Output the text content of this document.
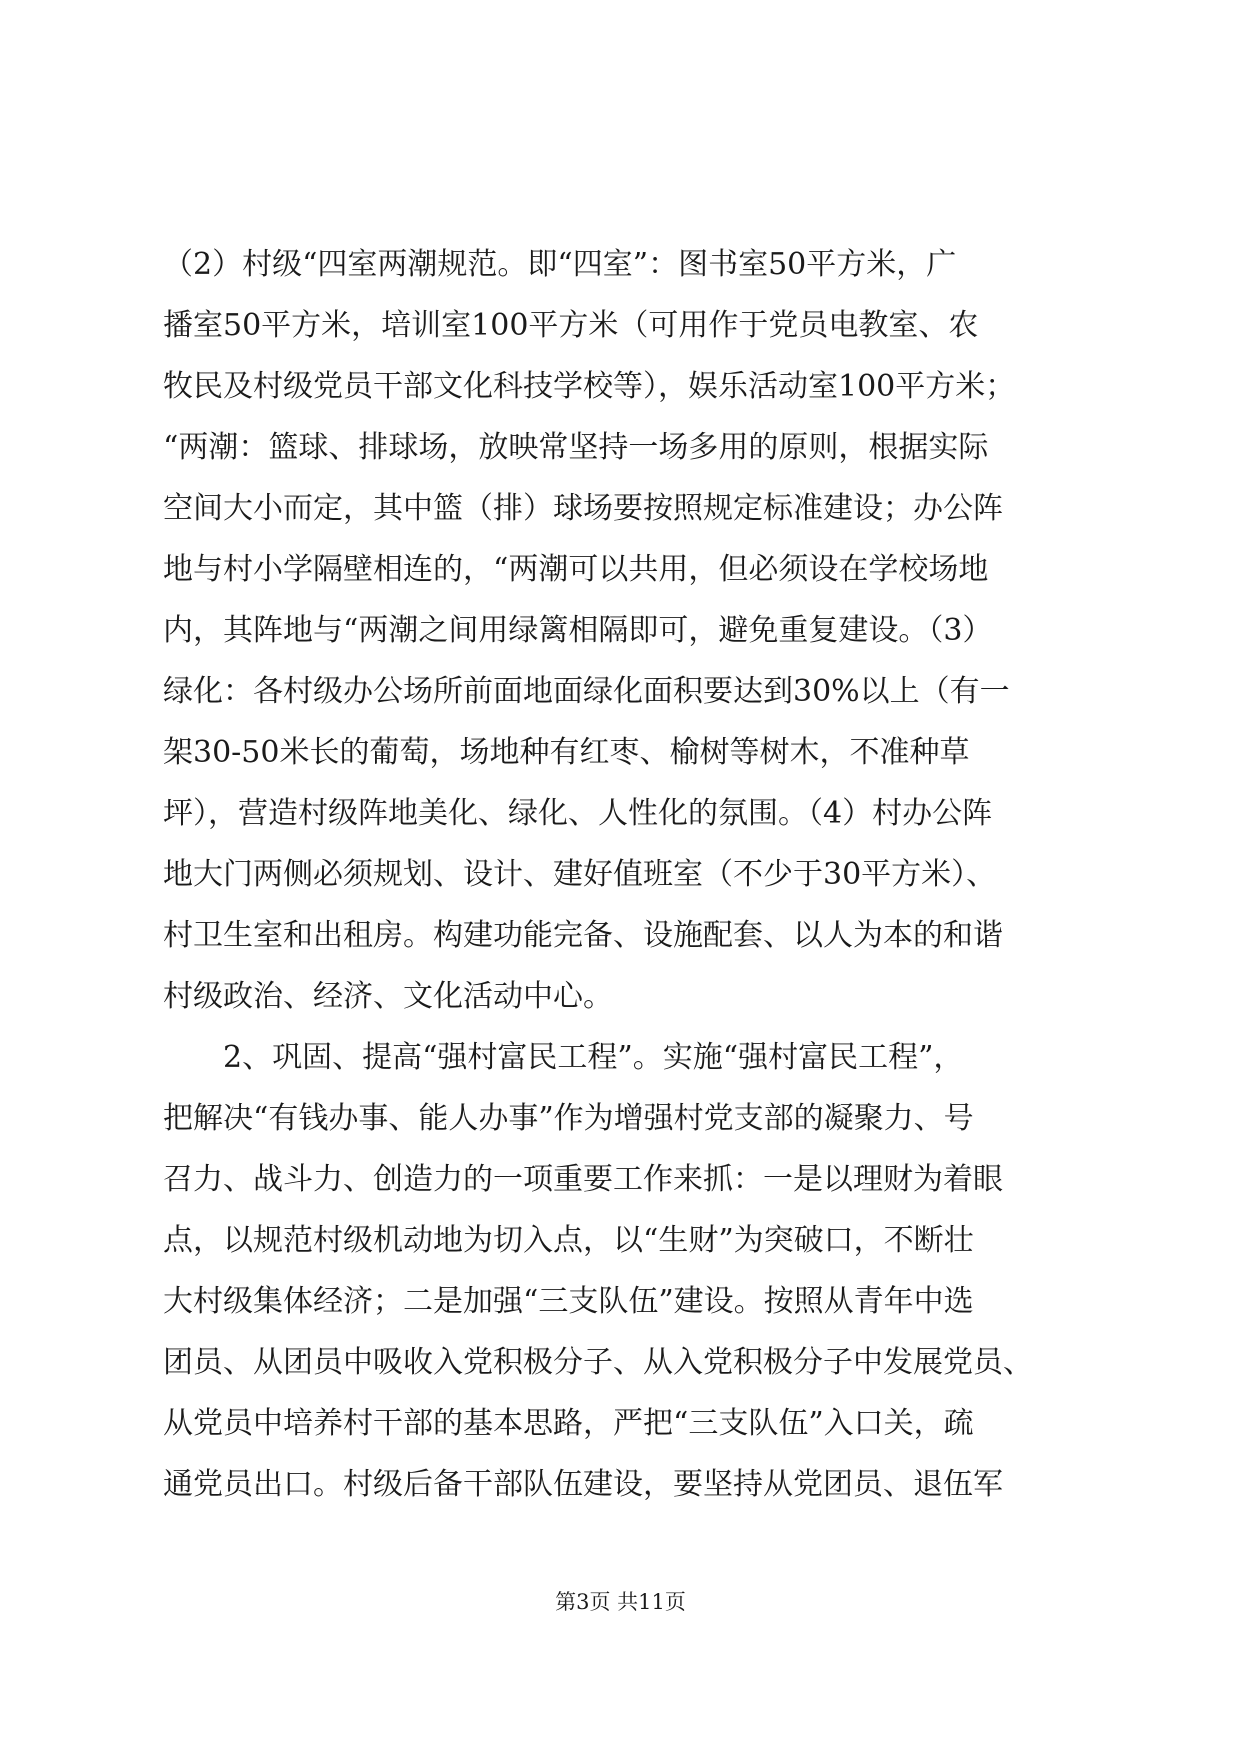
（2）村级“四室两潮规范。即“四室”：图书室50平方米，广
播室50平方米，培训室100平方米（可用作于党员电教室、农
牧民及村级党员干部文化科技学校等），娱乐活动室100平方米；
“两潮：篮球、排球场，放映常坚持一场多用的原则，根据实际
空间大小而定，其中篮（排）球场要按照规定标准建设；办公阵
地与村小学隔壁相连的，“两潮可以共用，但必须设在学校场地
内，其阵地与“两潮之间用绿篱相隔即可，避免重复建设。（3）
绿化：各村级办公场所前面地面绿化面积要达到30%以上（有一
架30-50米长的葡萄，场地种有红枣、榆树等树木，不准种草
坪），营造村级阵地美化、绿化、人性化的氛围。（4）村办公阵
地大门两侧必须规划、设计、建好值班室（不少于30平方米）、
村卫生室和出租房。构建功能完备、设施配套、以人为本的和谐
村级政治、经济、文化活动中心。
2、巩固、提高“强村富民工程”。实施“强村富民工程”，
把解决“有钱办事、能人办事”作为增强村党支部的凝聚力、号
召力、战斗力、创造力的一项重要工作来抓：一是以理财为着眼
点，以规范村级机动地为切入点，以“生财”为突破口，不断壮
大村级集体经济；二是加强“三支队伍”建设。按照从青年中选
团员、从团员中吸收入党积极分子、从入党积极分子中发展党员、
从党员中培养村干部的基本思路，严把“三支队伍”入口关，疏
通党员出口。村级后备干部队伍建设，要坚持从党团员、退伍军
第3页 共11页
